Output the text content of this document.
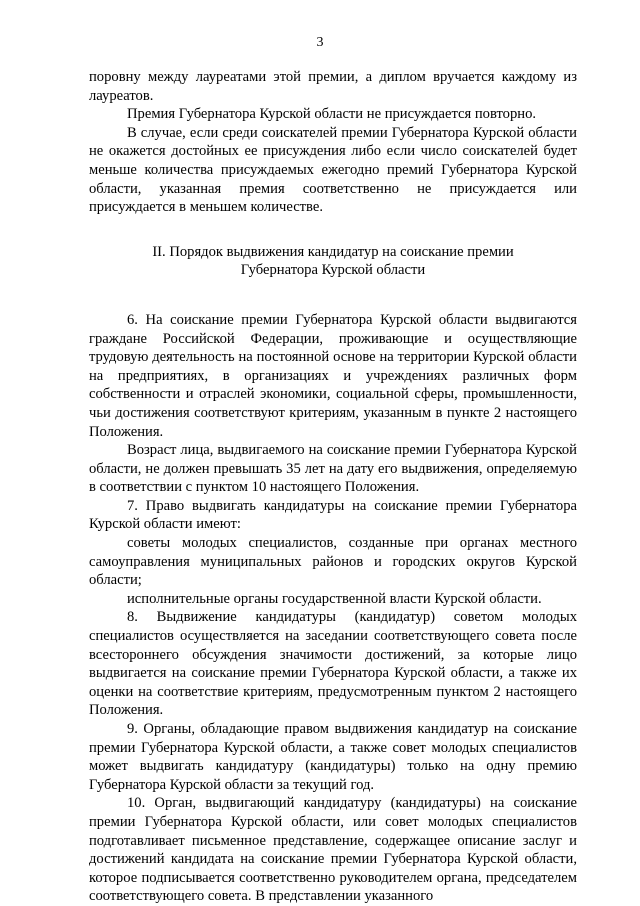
3

поровну между лауреатами этой премии, а диплом вручается каждому из лауреатов.

Премия Губернатора Курской области не присуждается повторно.

В случае, если среди соискателей премии Губернатора Курской области не окажется достойных ее присуждения либо если число соискателей будет меньше количества присуждаемых ежегодно премий Губернатора Курской области, указанная премия соответственно не присуждается или присуждается в меньшем количестве.

II. Порядок выдвижения кандидатур на соискание премии
Губернатора Курской области

6. На соискание премии Губернатора Курской области выдвигаются граждане Российской Федерации, проживающие и осуществляющие трудовую деятельность на постоянной основе на территории Курской области на предприятиях, в организациях и учреждениях различных форм собственности и отраслей экономики, социальной сферы, промышленности, чьи достижения соответствуют критериям, указанным в пункте 2 настоящего Положения.

Возраст лица, выдвигаемого на соискание премии Губернатора Курской области, не должен превышать 35 лет на дату его выдвижения, определяемую в соответствии с пунктом 10 настоящего Положения.

7. Право выдвигать кандидатуры на соискание премии Губернатора Курской области имеют:

советы молодых специалистов, созданные при органах местного самоуправления муниципальных районов и городских округов Курской области;

исполнительные органы государственной власти Курской области.

8. Выдвижение кандидатуры (кандидатур) советом молодых специалистов осуществляется на заседании соответствующего совета после всестороннего обсуждения значимости достижений, за которые лицо выдвигается на соискание премии Губернатора Курской области, а также их оценки на соответствие критериям, предусмотренным пунктом 2 настоящего Положения.

9. Органы, обладающие правом выдвижения кандидатур на соискание премии Губернатора Курской области, а также совет молодых специалистов может выдвигать кандидатуру (кандидатуры) только на одну премию Губернатора Курской области за текущий год.

10. Орган, выдвигающий кандидатуру (кандидатуры) на соискание премии Губернатора Курской области, или совет молодых специалистов подготавливает письменное представление, содержащее описание заслуг и достижений кандидата на соискание премии Губернатора Курской области, которое подписывается соответственно руководителем органа, председателем соответствующего совета. В представлении указанного
